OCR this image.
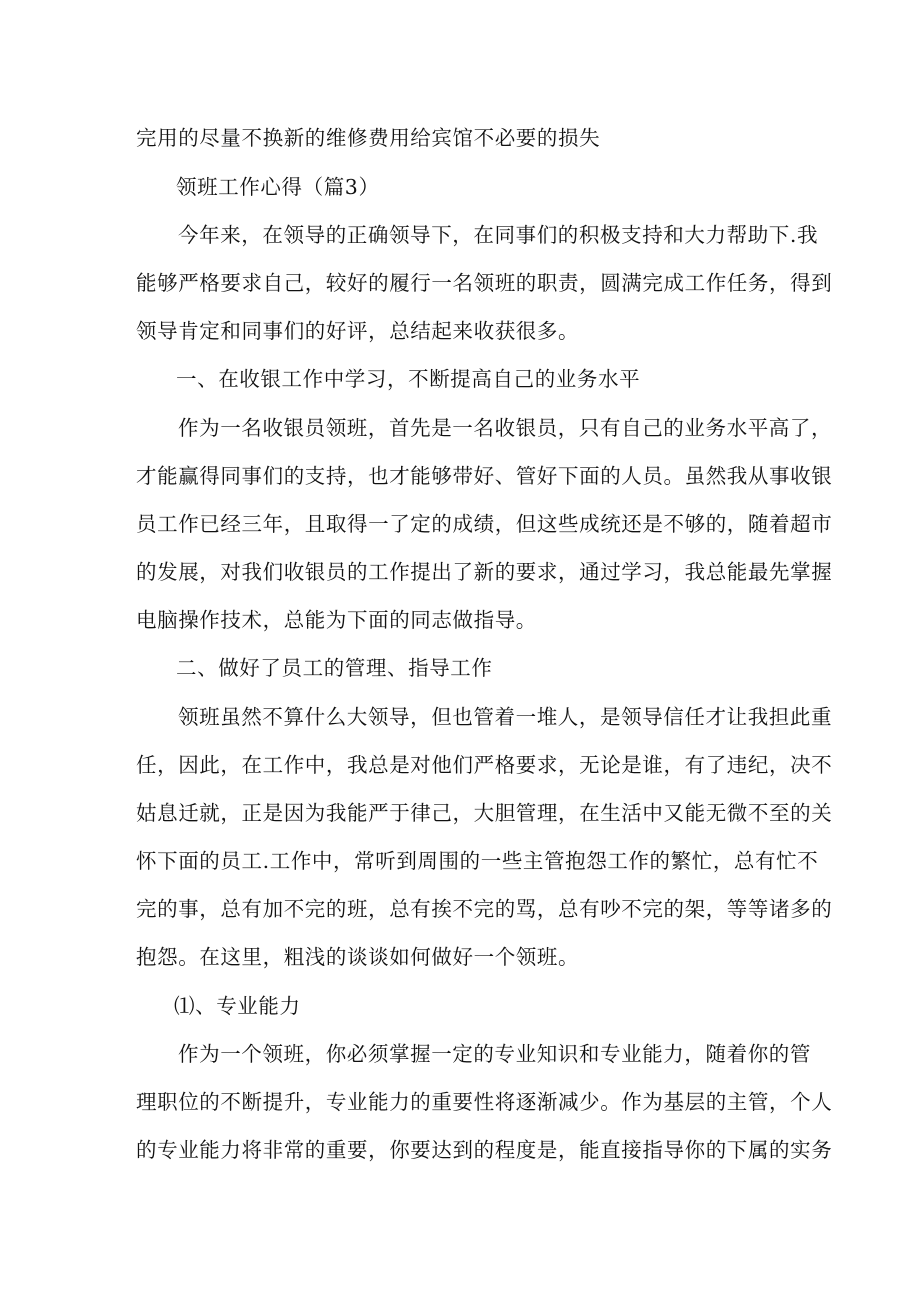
完用的尽量不换新的维修费用给宾馆不必要的损失
领班工作心得（篇3）
今年来，在领导的正确领导下，在同事们的积极支持和大力帮助下.我
能够严格要求自己，较好的履行一名领班的职责，圆满完成工作任务，得到
领导肯定和同事们的好评，总结起来收获很多。
一、在收银工作中学习，不断提高自己的业务水平
作为一名收银员领班，首先是一名收银员，只有自己的业务水平高了，
才能赢得同事们的支持，也才能够带好、管好下面的人员。虽然我从事收银
员工作已经三年，且取得一了定的成绩，但这些成统还是不够的，随着超市
的发展，对我们收银员的工作提出了新的要求，通过学习，我总能最先掌握
电脑操作技术，总能为下面的同志做指导。
二、做好了员工的管理、指导工作
领班虽然不算什么大领导，但也管着一堆人，是领导信任才让我担此重
任，因此，在工作中，我总是对他们严格要求，无论是谁，有了违纪，决不
姑息迁就，正是因为我能严于律己，大胆管理，在生活中又能无微不至的关
怀下面的员工.工作中，常听到周围的一些主管抱怨工作的繁忙，总有忙不
完的事，总有加不完的班，总有挨不完的骂，总有吵不完的架，等等诸多的
抱怨。在这里，粗浅的谈谈如何做好一个领班。
⑴、专业能力
作为一个领班，你必须掌握一定的专业知识和专业能力，随着你的管
理职位的不断提升，专业能力的重要性将逐渐减少。作为基层的主管，个人
的专业能力将非常的重要，你要达到的程度是，能直接指导你的下属的实务
